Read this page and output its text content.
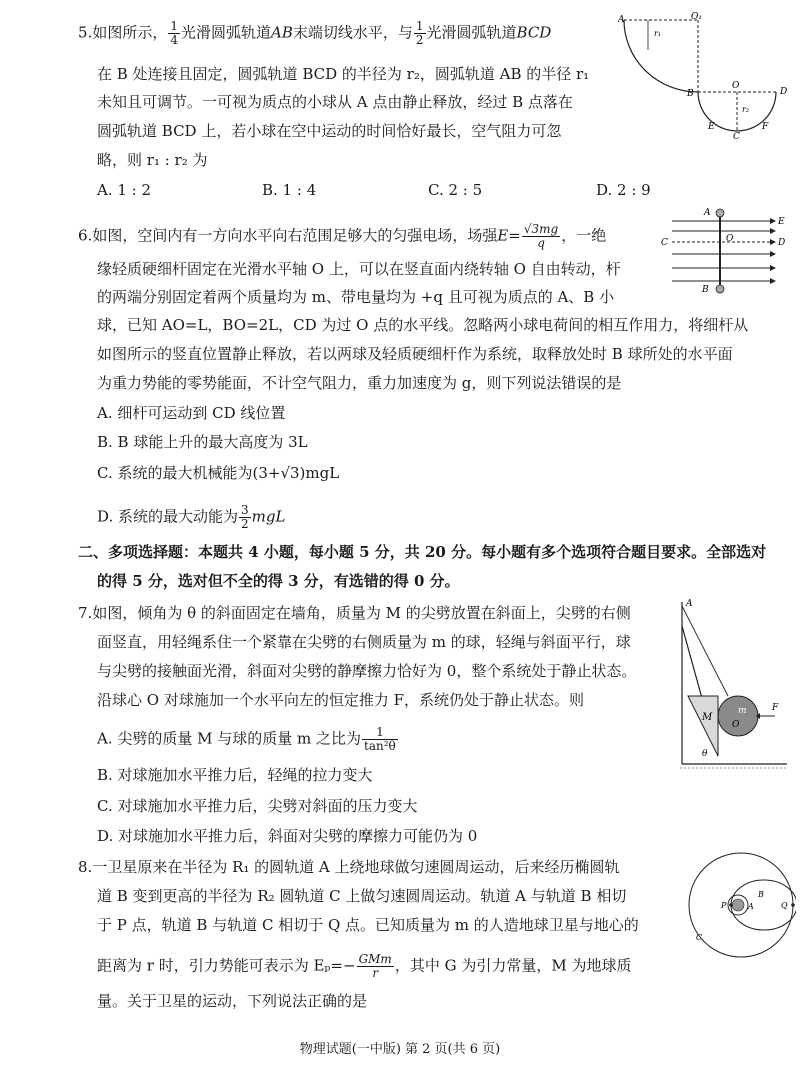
5.如图所示， $\frac{1}{4}$ 光滑圆弧轨道AB末端切线水平，与 $\frac{1}{2}$ 光滑圆弧轨道BCD
在 B 处连接且固定，圆弧轨道 BCD 的半径为 r₂，圆弧轨道 AB 的半径 r₁
未知且可调节。一可视为质点的小球从 A 点由静止释放，经过 B 点落在
圆弧轨道 BCD 上，若小球在空中运动的时间恰好最长，空气阻力可忽
略，则 r₁ : r₂ 为
A. 1 : 2	B. 1 : 4	C. 2 : 5	D. 2 : 9
A	O₁
r₁
B
O
D
r₂
E
C
F
6.如图，空间内有一方向水平向右范围足够大的匀强电场，场强$E= \frac{√3mg}{q}$ ，一绝
缘轻质硬细杆固定在光滑水平轴 O 上，可以在竖直面内绕转轴 O 自由转动，杆
的两端分别固定着两个质量均为 m、带电量均为 +q 且可视为质点的 A、B 小
球，已知 AO=L，BO=2L，CD 为过 O 点的水平线。忽略两小球电荷间的相互作用力，将细杆从
如图所示的竖直位置静止释放，若以两球及轻质硬细杆作为系统，取释放处时 B 球所处的水平面
为重力势能的零势能面，不计空气阻力，重力加速度为 g，则下列说法错误的是
A. 细杆可运动到 CD 线位置
B. B 球能上升的最大高度为 3L
C. 系统的最大机械能为(3+√3)mgL
D. 系统的最大动能为 $\frac{3}{2}$ mgL
A
E
C	O	D
B
二、多项选择题：本题共 4 小题，每小题 5 分，共 20 分。每小题有多个选项符合题目要求。全部选对
的得 5 分，选对但不全的得 3 分，有选错的得 0 分。
7.如图，倾角为 θ 的斜面固定在墙角，质量为 M 的尖劈放置在斜面上，尖劈的右侧
面竖直，用轻绳系住一个紧靠在尖劈的右侧质量为 m 的球，轻绳与斜面平行，球
与尖劈的接触面光滑，斜面对尖劈的静摩擦力恰好为 0，整个系统处于静止状态。
沿球心 O 对球施加一个水平向左的恒定推力 F，系统仍处于静止状态。则
A. 尖劈的质量 M 与球的质量 m 之比为 $\frac{1}{\text{tan²θ}}$
B. 对球施加水平推力后，轻绳的拉力变大
C. 对球施加水平推力后，尖劈对斜面的压力变大
D. 对球施加水平推力后，斜面对尖劈的摩擦力可能仍为 0
A
M
m
O
F
θ
8.一卫星原来在半径为 R₁ 的圆轨道 A 上绕地球做匀速圆周运动，后来经历椭圆轨
道 B 变到更高的半径为 R₂ 圆轨道 C 上做匀速圆周运动。轨道 A 与轨道 B 相切
于 P 点，轨道 B 与轨道 C 相切于 Q 点。已知质量为 m 的人造地球卫星与地心的
距离为 r 时，引力势能可表示为 $E_p=- \frac{\text{GMm}}{r}$ ，其中 G 为引力常量，M 为地球质
量。关于卫星的运动，下列说法正确的是
P	A
B
Q
C
物理试题(一中版) 第 2 页(共 6 页)
